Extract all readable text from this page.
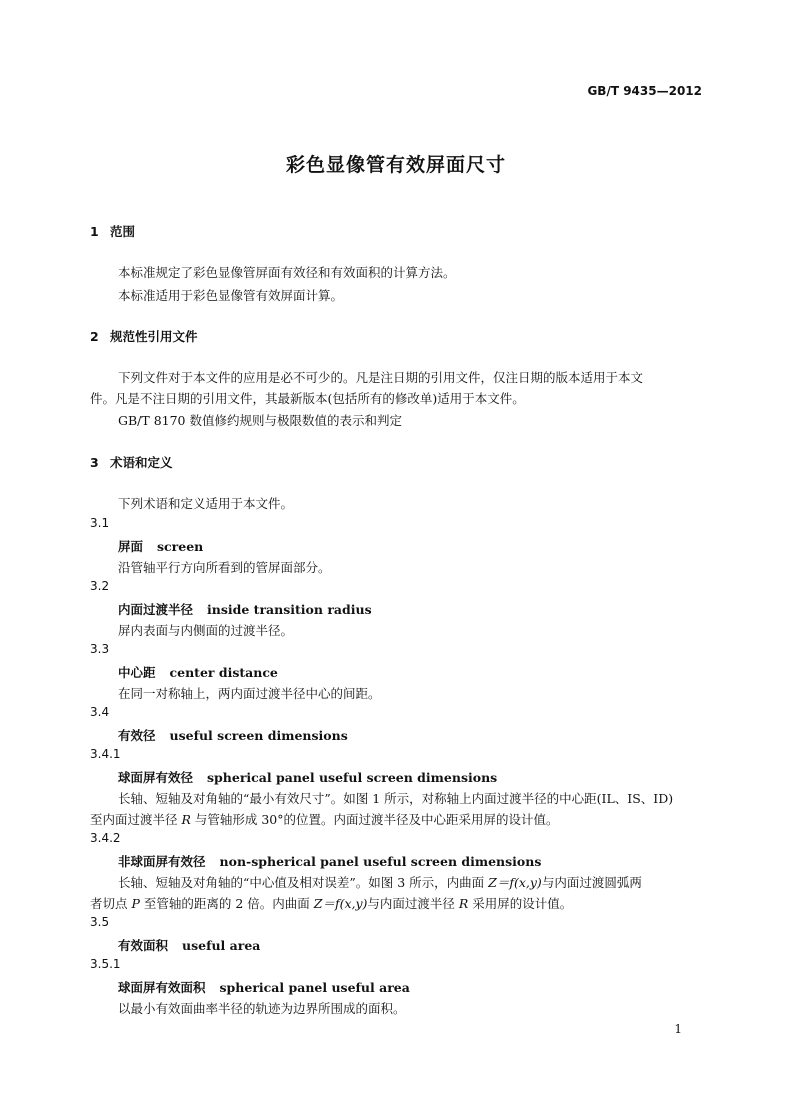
GB/T 9435—2012
彩色显像管有效屏面尺寸
1 范围
本标准规定了彩色显像管屏面有效径和有效面积的计算方法。
本标准适用于彩色显像管有效屏面计算。
2 规范性引用文件
下列文件对于本文件的应用是必不可少的。凡是注日期的引用文件，仅注日期的版本适用于本文
件。凡是不注日期的引用文件，其最新版本(包括所有的修改单)适用于本文件。
GB/T 8170 数值修约规则与极限数值的表示和判定
3 术语和定义
下列术语和定义适用于本文件。
3.1
屏面 screen
沿管轴平行方向所看到的管屏面部分。
3.2
内面过渡半径 inside transition radius
屏内表面与内侧面的过渡半径。
3.3
中心距 center distance
在同一对称轴上，两内面过渡半径中心的间距。
3.4
有效径 useful screen dimensions
3.4.1
球面屏有效径 spherical panel useful screen dimensions
长轴、短轴及对角轴的“最小有效尺寸”。如图 1 所示，对称轴上内面过渡半径的中心距(IL、IS、ID)
至内面过渡半径 R 与管轴形成 30°的位置。内面过渡半径及中心距采用屏的设计值。
3.4.2
非球面屏有效径 non-spherical panel useful screen dimensions
长轴、短轴及对角轴的“中心值及相对误差”。如图 3 所示，内曲面 Z＝f(x,y)与内面过渡圆弧两
者切点 P 至管轴的距离的 2 倍。内曲面 Z＝f(x,y)与内面过渡半径 R 采用屏的设计值。
3.5
有效面积 useful area
3.5.1
球面屏有效面积 spherical panel useful area
以最小有效面曲率半径的轨迹为边界所围成的面积。
1
